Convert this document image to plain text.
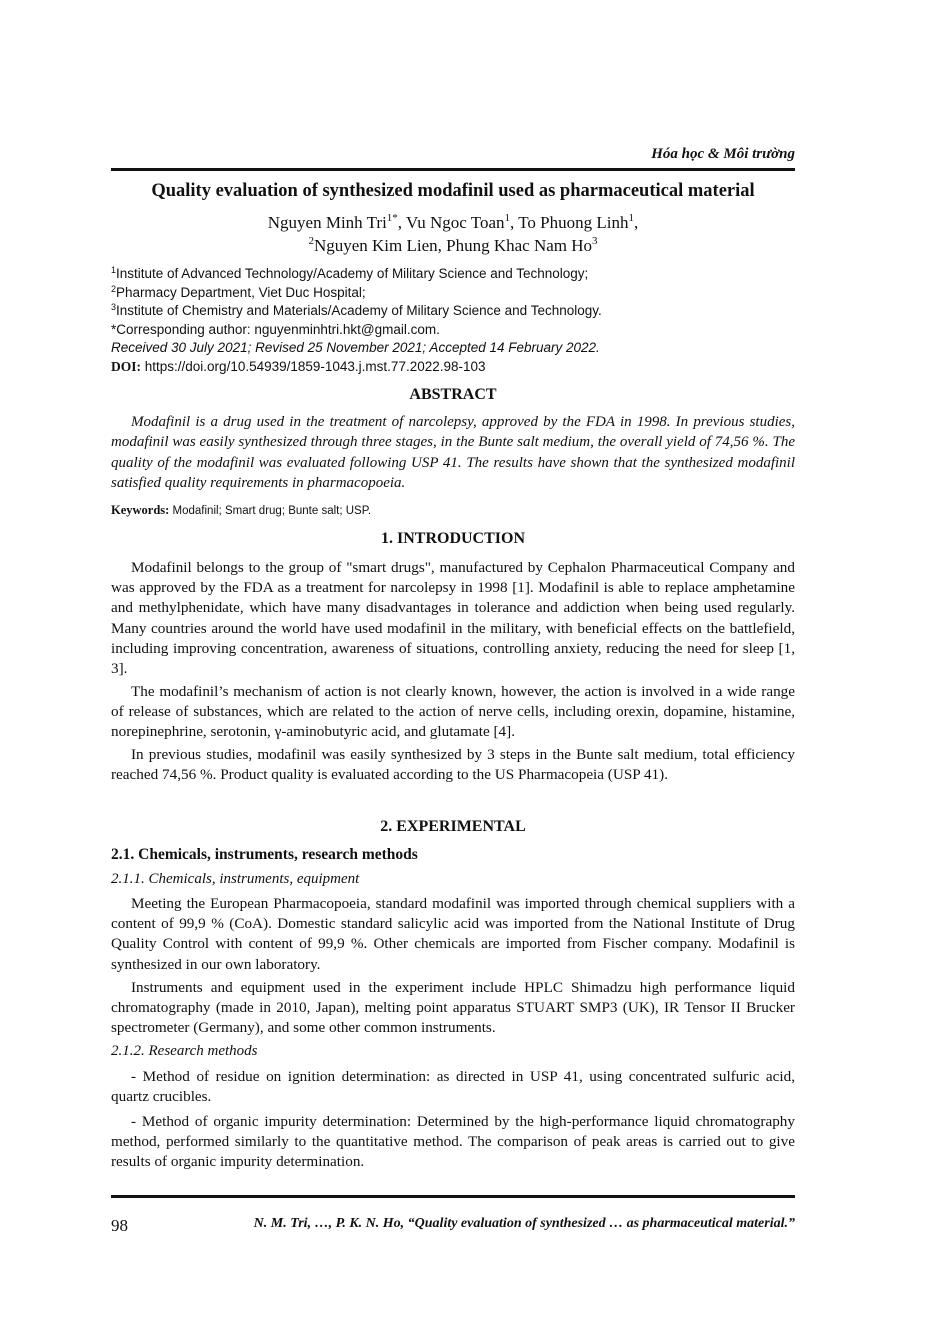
Hóa học & Môi trường
Quality evaluation of synthesized modafinil used as pharmaceutical material
Nguyen Minh Tri$^{1*}$, Vu Ngoc Toan$^1$, To Phuong Linh$^1$,
$^2$Nguyen Kim Lien, Phung Khac Nam Ho$^3$
$^1$Institute of Advanced Technology/Academy of Military Science and Technology;
$^2$Pharmacy Department, Viet Duc Hospital;
$^3$Institute of Chemistry and Materials/Academy of Military Science and Technology.
*Corresponding author: nguyenminhtri.hkt@gmail.com.
Received 30 July 2021; Revised 25 November 2021; Accepted 14 February 2022.
DOI: https://doi.org/10.54939/1859-1043.j.mst.77.2022.98-103
ABSTRACT
Modafinil is a drug used in the treatment of narcolepsy, approved by the FDA in 1998. In previous studies, modafinil was easily synthesized through three stages, in the Bunte salt medium, the overall yield of 74,56 %. The quality of the modafinil was evaluated following USP 41. The results have shown that the synthesized modafinil satisfied quality requirements in pharmacopoeia.
Keywords: Modafinil; Smart drug; Bunte salt; USP.
1. INTRODUCTION
Modafinil belongs to the group of "smart drugs", manufactured by Cephalon Pharmaceutical Company and was approved by the FDA as a treatment for narcolepsy in 1998 [1]. Modafinil is able to replace amphetamine and methylphenidate, which have many disadvantages in tolerance and addiction when being used regularly. Many countries around the world have used modafinil in the military, with beneficial effects on the battlefield, including improving concentration, awareness of situations, controlling anxiety, reducing the need for sleep [1, 3].
The modafinil’s mechanism of action is not clearly known, however, the action is involved in a wide range of release of substances, which are related to the action of nerve cells, including orexin, dopamine, histamine, norepinephrine, serotonin, γ-aminobutyric acid, and glutamate [4].
In previous studies, modafinil was easily synthesized by 3 steps in the Bunte salt medium, total efficiency reached 74,56 %. Product quality is evaluated according to the US Pharmacopeia (USP 41).
2. EXPERIMENTAL
2.1. Chemicals, instruments, research methods
2.1.1. Chemicals, instruments, equipment
Meeting the European Pharmacopoeia, standard modafinil was imported through chemical suppliers with a content of 99,9 % (CoA). Domestic standard salicylic acid was imported from the National Institute of Drug Quality Control with content of 99,9 %. Other chemicals are imported from Fischer company. Modafinil is synthesized in our own laboratory.
Instruments and equipment used in the experiment include HPLC Shimadzu high performance liquid chromatography (made in 2010, Japan), melting point apparatus STUART SMP3 (UK), IR Tensor II Brucker spectrometer (Germany), and some other common instruments.
2.1.2. Research methods
- Method of residue on ignition determination: as directed in USP 41, using concentrated sulfuric acid, quartz crucibles.
- Method of organic impurity determination: Determined by the high-performance liquid chromatography method, performed similarly to the quantitative method. The comparison of peak areas is carried out to give results of organic impurity determination.
98	N. M. Tri, …, P. K. N. Ho, “Quality evaluation of synthesized … as pharmaceutical material.”
